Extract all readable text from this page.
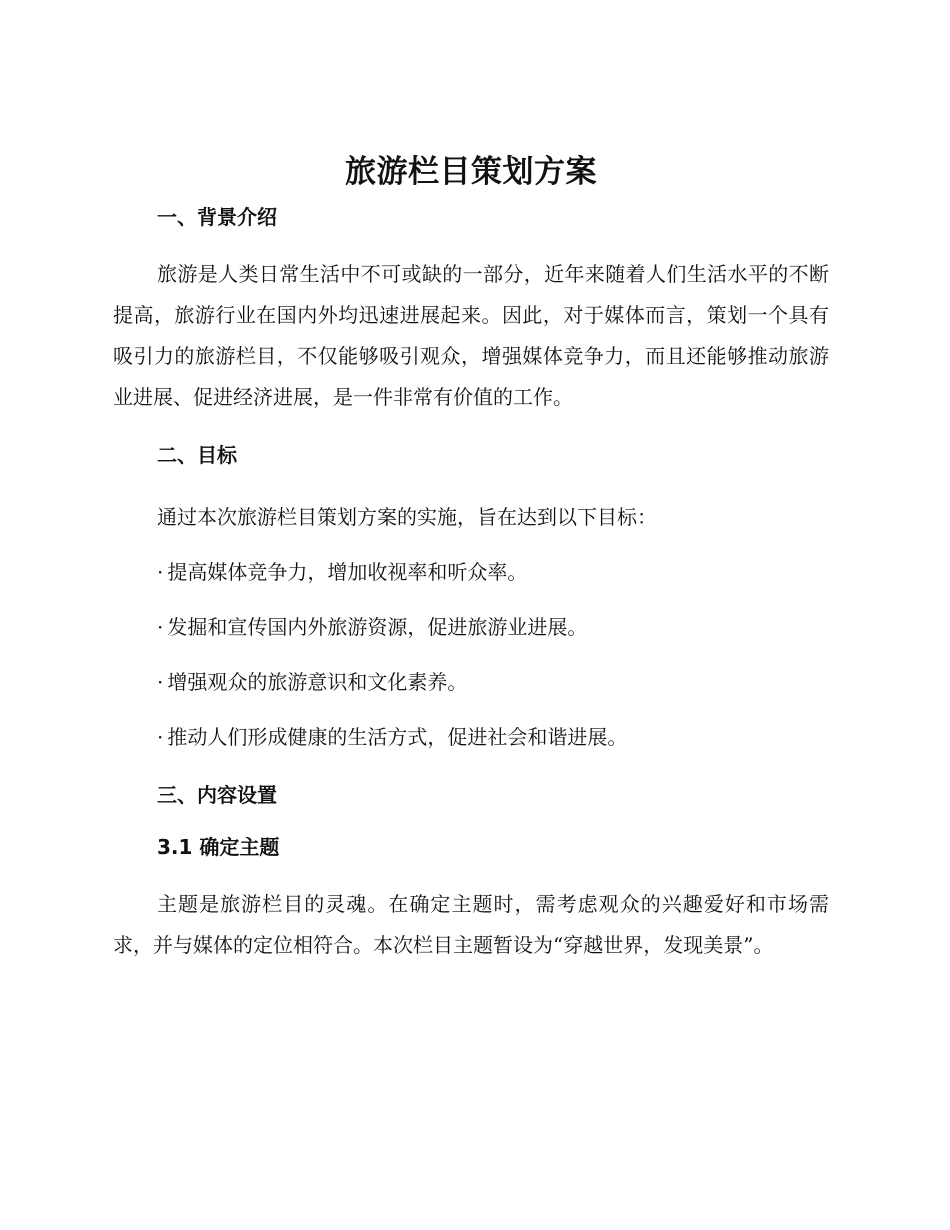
旅游栏目策划方案
一、背景介绍

旅游是人类日常生活中不可或缺的一部分，近年来随着人们生活水平的不断提高，旅游行业在国内外均迅速进展起来。因此，对于媒体而言，策划一个具有吸引力的旅游栏目，不仅能够吸引观众，增强媒体竞争力，而且还能够推动旅游业进展、促进经济进展，是一件非常有价值的工作。

二、目标

通过本次旅游栏目策划方案的实施，旨在达到以下目标：

· 提高媒体竞争力，增加收视率和听众率。

· 发掘和宣传国内外旅游资源，促进旅游业进展。

· 增强观众的旅游意识和文化素养。

· 推动人们形成健康的生活方式，促进社会和谐进展。

三、内容设置
3.1 确定主题

主题是旅游栏目的灵魂。在确定主题时，需考虑观众的兴趣爱好和市场需求，并与媒体的定位相符合。本次栏目主题暂设为“穿越世界，发现美景”。
